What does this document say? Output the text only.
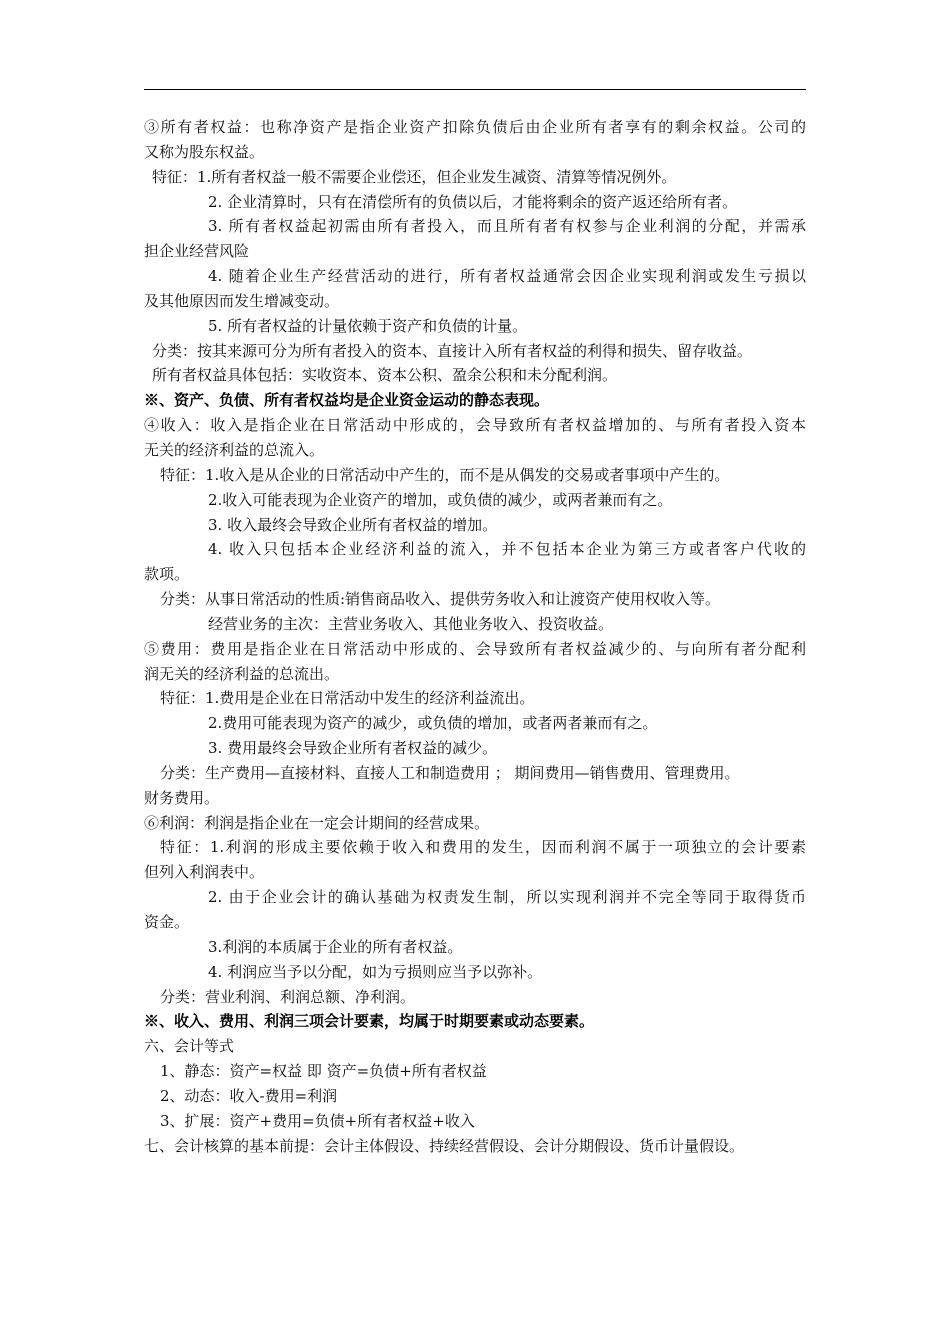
③所有者权益：也称净资产是指企业资产扣除负债后由企业所有者享有的剩余权益。公司的
又称为股东权益。
特征：1.所有者权益一般不需要企业偿还，但企业发生减资、清算等情况例外。
2. 企业清算时，只有在清偿所有的负债以后，才能将剩余的资产返还给所有者。
3. 所有者权益起初需由所有者投入，而且所有者有权参与企业利润的分配，并需承
担企业经营风险
4. 随着企业生产经营活动的进行，所有者权益通常会因企业实现利润或发生亏损以
及其他原因而发生增减变动。
5. 所有者权益的计量依赖于资产和负债的计量。
分类：按其来源可分为所有者投入的资本、直接计入所有者权益的利得和损失、留存收益。
所有者权益具体包括：实收资本、资本公积、盈余公积和未分配利润。
※、资产、负债、所有者权益均是企业资金运动的静态表现。
④收入：收入是指企业在日常活动中形成的，会导致所有者权益增加的、与所有者投入资本
无关的经济利益的总流入。
特征：1.收入是从企业的日常活动中产生的，而不是从偶发的交易或者事项中产生的。
2.收入可能表现为企业资产的增加，或负债的减少，或两者兼而有之。
3. 收入最终会导致企业所有者权益的增加。
4. 收入只包括本企业经济利益的流入，并不包括本企业为第三方或者客户代收的
款项。
分类：从事日常活动的性质:销售商品收入、提供劳务收入和让渡资产使用权收入等。
经营业务的主次：主营业务收入、其他业务收入、投资收益。
⑤费用：费用是指企业在日常活动中形成的、会导致所有者权益减少的、与向所有者分配利
润无关的经济利益的总流出。
特征：1.费用是企业在日常活动中发生的经济利益流出。
2.费用可能表现为资产的减少，或负债的增加，或者两者兼而有之。
3. 费用最终会导致企业所有者权益的减少。
分类：生产费用—直接材料、直接人工和制造费用 ； 期间费用—销售费用、管理费用。
财务费用。
⑥利润：利润是指企业在一定会计期间的经营成果。
特征：1.利润的形成主要依赖于收入和费用的发生，因而利润不属于一项独立的会计要素
但列入利润表中。
2. 由于企业会计的确认基础为权责发生制，所以实现利润并不完全等同于取得货币
资金。
3.利润的本质属于企业的所有者权益。
4. 利润应当予以分配，如为亏损则应当予以弥补。
分类：营业利润、利润总额、净利润。
※、收入、费用、利润三项会计要素，均属于时期要素或动态要素。
六、会计等式
1、静态：资产=权益 即 资产=负债+所有者权益
2、动态：收入-费用=利润
3、扩展：资产+费用=负债+所有者权益+收入
七、会计核算的基本前提：会计主体假设、持续经营假设、会计分期假设、货币计量假设。
